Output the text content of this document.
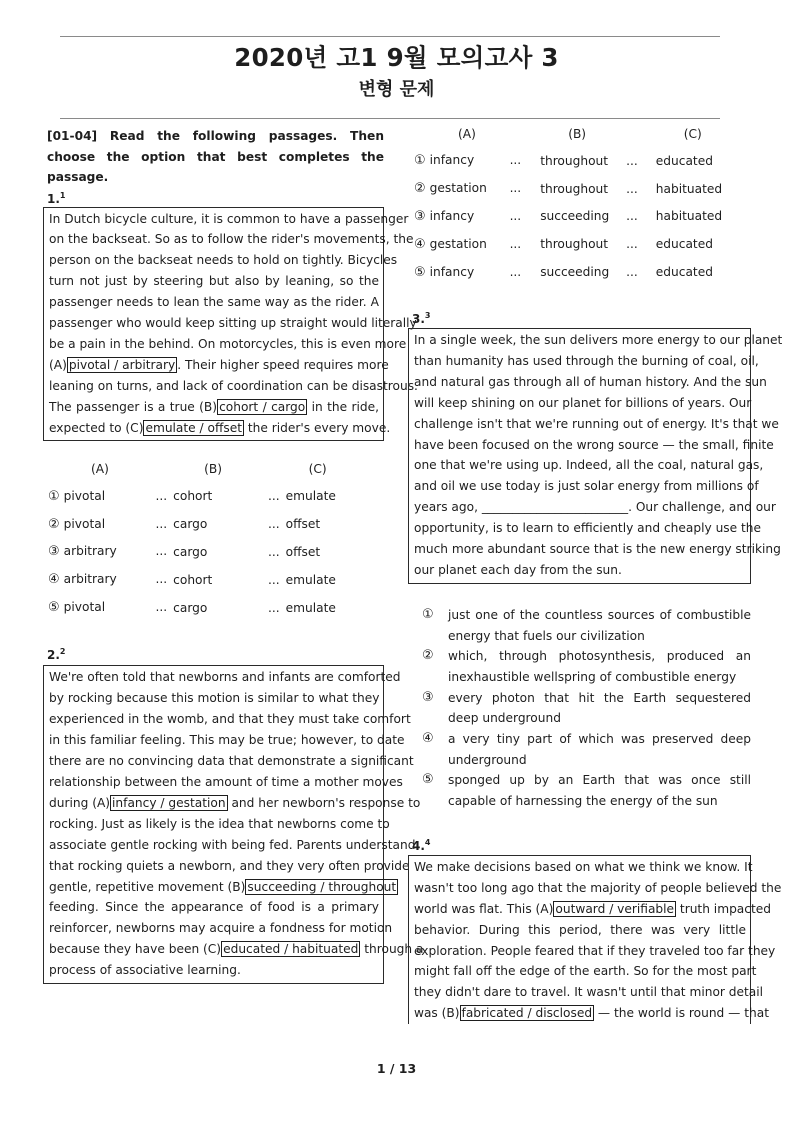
2020년 고1 9월 모의고사 3
변형 문제

[01-04] Read the following passages. Then choose the option that best completes the passage.

1.$^1$

In Dutch bicycle culture, it is common to have a passenger
on the backseat. So as to follow the rider's movements, the
person on the backseat needs to hold on tightly. Bicycles
turn not just by steering but also by leaning, so the
passenger needs to lean the same way as the rider. A
passenger who would keep sitting up straight would literally
be a pain in the behind. On motorcycles, this is even more
(A) pivotal / arbitrary . Their higher speed requires more
leaning on turns, and lack of coordination can be disastrous.
The passenger is a true (B) cohort / cargo in the ride,
expected to (C) emulate / offset the rider's every move.
(A)	(B)	(C)
① pivotal ...	cohort ...	emulate
② pivotal ...	cargo ...	offset
③ arbitrary ...	cargo ...	offset
④ arbitrary ...	cohort ...	emulate
⑤ pivotal ...	cargo ...	emulate

2.$^2$

We're often told that newborns and infants are comforted
by rocking because this motion is similar to what they
experienced in the womb, and that they must take comfort
in this familiar feeling. This may be true; however, to date
there are no convincing data that demonstrate a significant
relationship between the amount of time a mother moves
during (A) infancy / gestation and her newborn's response to
rocking. Just as likely is the idea that newborns come to
associate gentle rocking with being fed. Parents understand
that rocking quiets a newborn, and they very often provide
gentle, repetitive movement (B) succeeding / throughout
feeding. Since the appearance of food is a primary
reinforcer, newborns may acquire a fondness for motion
because they have been (C) educated / habituated through a
process of associative learning.
(A)	(B)	(C)
① infancy ...	throughout ...	educated
② gestation ...	throughout ...	habituated
③ infancy ...	succeeding ...	habituated
④ gestation ...	throughout ...	educated
⑤ infancy ...	succeeding ...	educated

3.$^3$

In a single week, the sun delivers more energy to our planet
than humanity has used through the burning of coal, oil,
and natural gas through all of human history. And the sun
will keep shining on our planet for billions of years. Our
challenge isn't that we're running out of energy. It's that we
have been focused on the wrong source — the small, finite
one that we're using up. Indeed, all the coal, natural gas,
and oil we use today is just solar energy from millions of
years ago, ________________________. Our challenge, and our
opportunity, is to learn to efficiently and cheaply use the
much more abundant source that is the new energy striking
our planet each day from the sun.
①	just one of the countless sources of combustible energy that fuels our civilization
②	which, through photosynthesis, produced an inexhaustible wellspring of combustible energy
③	every photon that hit the Earth sequestered deep underground
④	a very tiny part of which was preserved deep underground
⑤	sponged up by an Earth that was once still capable of harnessing the energy of the sun

4.$^4$

We make decisions based on what we think we know. It
wasn't too long ago that the majority of people believed the
world was flat. This (A) outward / verifiable truth impacted
behavior. During this period, there was very little
exploration. People feared that if they traveled too far they
might fall off the edge of the earth. So for the most part
they didn't dare to travel. It wasn't until that minor detail
was (B) fabricated / disclosed — the world is round — that
1 / 13
